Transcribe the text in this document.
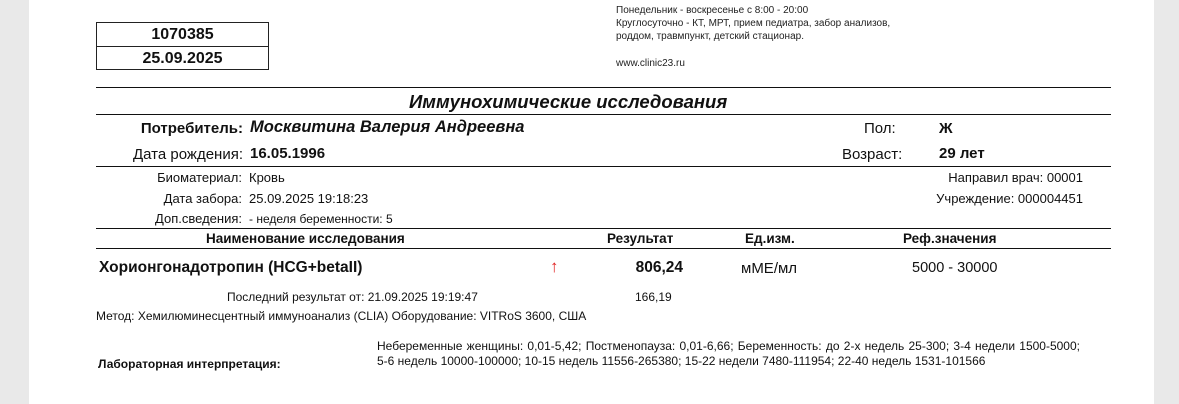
1070385
25.09.2025
Понедельник - воскресенье с 8:00 - 20:00
Круглосуточно - КТ, МРТ, прием педиатра, забор анализов,
роддом, травмпункт, детский стационар.
www.clinic23.ru
Иммунохимические исследования
Потребитель: Москвитина Валерия Андреевна	Пол:	Ж
Дата рождения: 16.05.1996	Возраст: 29 лет
Биоматериал: Кровь	Направил врач: 00001
Дата забора: 25.09.2025 19:18:23	Учреждение: 000004451
Доп.сведения: - неделя беременности: 5
Наименование исследования	Результат	Ед.изм.	Реф.значения
Хорионгонадотропин (HCG+betaII)	↑	806,24	мМЕ/мл	5000 - 30000
Последний результат от: 21.09.2025 19:19:47	166,19
Метод: Хемилюминесцентный иммуноанализ (CLIA) Оборудование: VITRoS 3600, США
Лабораторная интерпретация:
Небеременные женщины: 0,01-5,42; Постменопауза: 0,01-6,66; Беременность: до 2-х недель 25-300; 3-4 недели 1500-5000; 5-6 недель 10000-100000; 10-15 недель 11556-265380; 15-22 недели 7480-111954; 22-40 недель 1531-101566
